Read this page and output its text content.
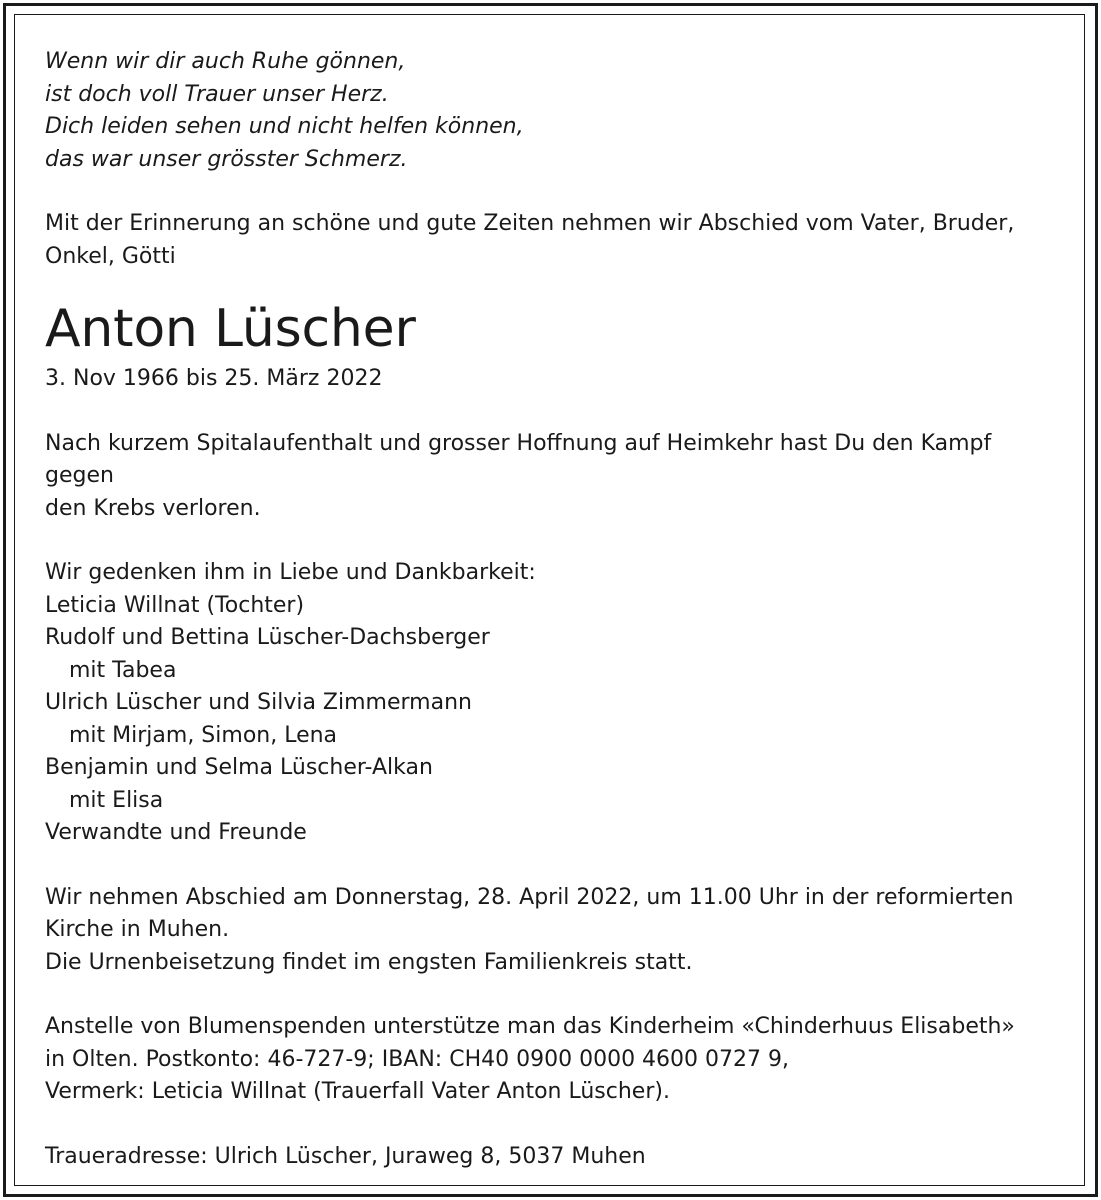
Wenn wir dir auch Ruhe gönnen,
ist doch voll Trauer unser Herz.
Dich leiden sehen und nicht helfen können,
das war unser grösster Schmerz.
Mit der Erinnerung an schöne und gute Zeiten nehmen wir Abschied vom Vater, Bruder,
Onkel, Götti
Anton Lüscher
3. Nov 1966 bis 25. März 2022
Nach kurzem Spitalaufenthalt und grosser Hoffnung auf Heimkehr hast Du den Kampf gegen
den Krebs verloren.
Wir gedenken ihm in Liebe und Dankbarkeit:
Leticia Willnat (Tochter)
Rudolf und Bettina Lüscher-Dachsberger
mit Tabea
Ulrich Lüscher und Silvia Zimmermann
mit Mirjam, Simon, Lena
Benjamin und Selma Lüscher-Alkan
mit Elisa
Verwandte und Freunde
Wir nehmen Abschied am Donnerstag, 28. April 2022, um 11.00 Uhr in der reformierten
Kirche in Muhen.
Die Urnenbeisetzung findet im engsten Familienkreis statt.
Anstelle von Blumenspenden unterstütze man das Kinderheim «Chinderhuus Elisabeth»
in Olten. Postkonto: 46-727-9; IBAN: CH40 0900 0000 4600 0727 9,
Vermerk: Leticia Willnat (Trauerfall Vater Anton Lüscher).
Traueradresse: Ulrich Lüscher, Juraweg 8, 5037 Muhen
